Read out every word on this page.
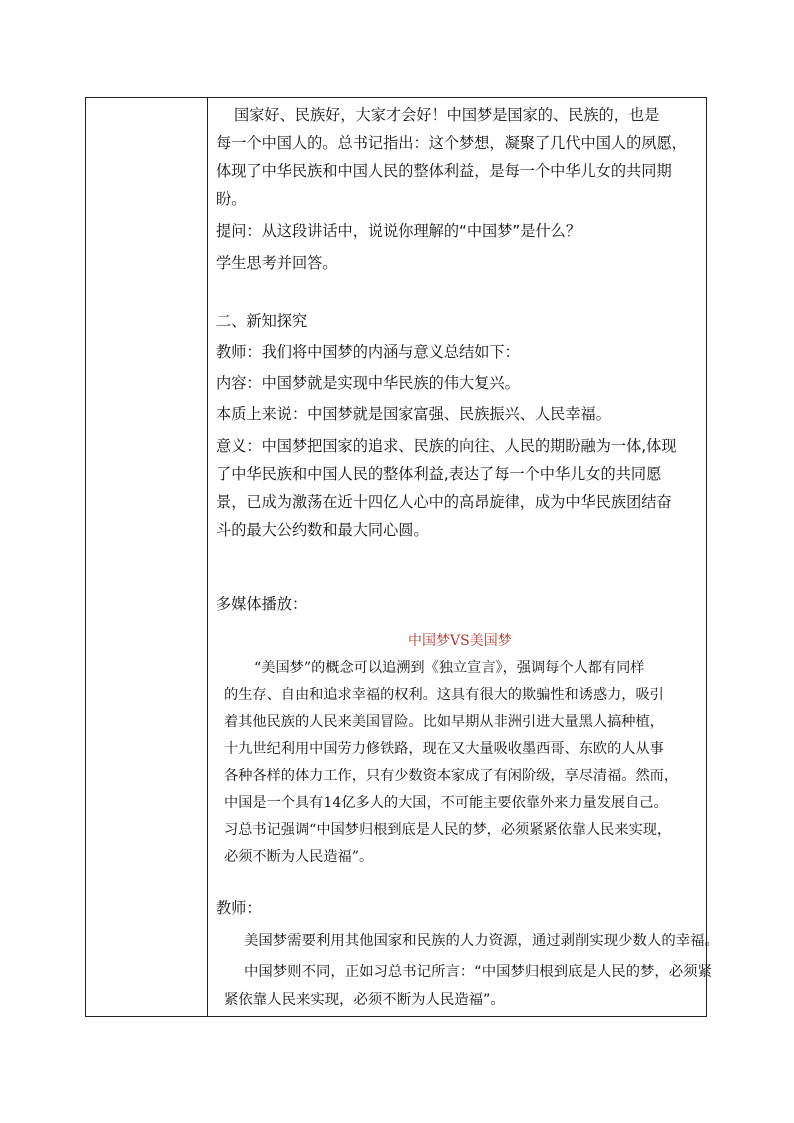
国家好、民族好，大家才会好！中国梦是国家的、民族的，也是
每一个中国人的。总书记指出：这个梦想，凝聚了几代中国人的夙愿，
体现了中华民族和中国人民的整体利益，是每一个中华儿女的共同期
盼。
提问：从这段讲话中，说说你理解的“中国梦”是什么？
学生思考并回答。
二、新知探究
教师：我们将中国梦的内涵与意义总结如下：
内容：中国梦就是实现中华民族的伟大复兴。
本质上来说：中国梦就是国家富强、民族振兴、人民幸福。
意义：中国梦把国家的追求、民族的向往、人民的期盼融为一体,体现
了中华民族和中国人民的整体利益,表达了每一个中华儿女的共同愿
景，已成为激荡在近十四亿人心中的高昂旋律，成为中华民族团结奋
斗的最大公约数和最大同心圆。
多媒体播放：
中国梦VS美国梦
“美国梦”的概念可以追溯到《独立宣言》，强调每个人都有同样
的生存、自由和追求幸福的权利。这具有很大的欺骗性和诱惑力，吸引
着其他民族的人民来美国冒险。比如早期从非洲引进大量黑人搞种植，
十九世纪利用中国劳力修铁路，现在又大量吸收墨西哥、东欧的人从事
各种各样的体力工作，只有少数资本家成了有闲阶级，享尽清福。然而，
中国是一个具有14亿多人的大国，不可能主要依靠外来力量发展自己。
习总书记强调“中国梦归根到底是人民的梦，必须紧紧依靠人民来实现，
必须不断为人民造福”。
教师：
美国梦需要利用其他国家和民族的人力资源，通过剥削实现少数人的幸福。
中国梦则不同，正如习总书记所言：“中国梦归根到底是人民的梦，必须紧
紧依靠人民来实现，必须不断为人民造福”。
